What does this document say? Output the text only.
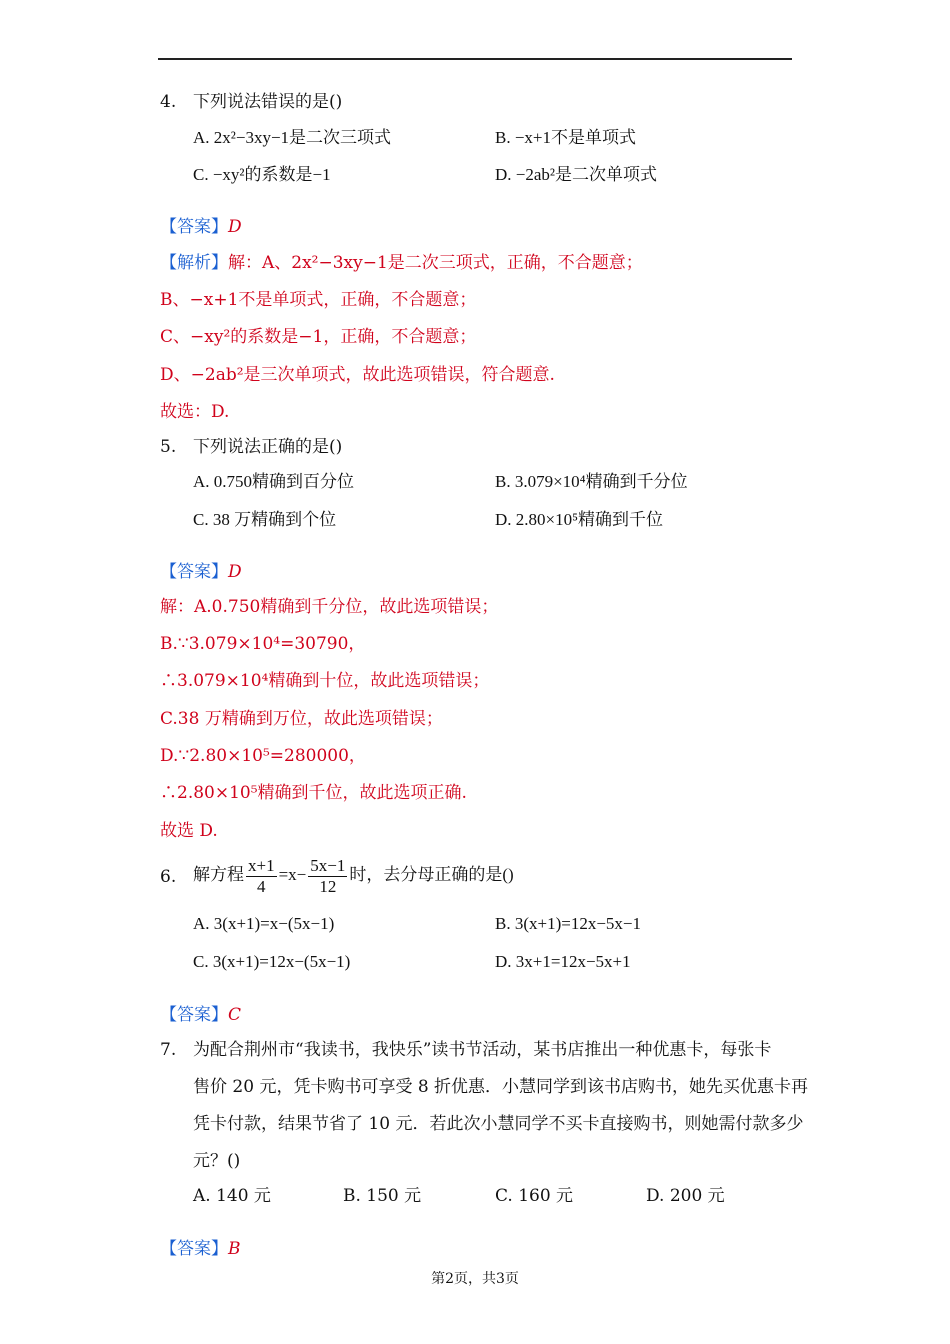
4. 下列说法错误的是()
A. 2x²−3xy−1是二次三项式	B. −x+1不是单项式
C. −xy²的系数是−1	D. −2ab²是二次单项式
【答案】D
【解析】解：A、2x²−3xy−1是二次三项式，正确，不合题意；
B、−x+1不是单项式，正确，不合题意；
C、−xy²的系数是−1，正确，不合题意；
D、−2ab²是三次单项式，故此选项错误，符合题意.
故选：D.
5. 下列说法正确的是()
A. 0.750精确到百分位	B. 3.079×10⁴精确到千分位
C. 38 万精确到个位	D. 2.80×10⁵精确到千位
【答案】D
解：A.0.750精确到千分位，故此选项错误；
B.∵3.079×10⁴=30790，
∴3.079×10⁴精确到十位，故此选项错误；
C.38 万精确到万位，故此选项错误；
D.∵2.80×10⁵=280000，
∴2.80×10⁵精确到千位，故此选项正确.
故选 D.
6. 解方程 $\frac{x+1}{4} =x- \frac{5x-1}{12}$ 时，去分母正确的是()
A. 3(x+1)=x−(5x−1)	B. 3(x+1)=12x−5x−1
C. 3(x+1)=12x−(5x−1)	D. 3x+1=12x−5x+1
【答案】C
7. 为配合荆州市“我读书，我快乐”读书节活动，某书店推出一种优惠卡，每张卡
售价 20 元，凭卡购书可享受 8 折优惠．小慧同学到该书店购书，她先买优惠卡再
凭卡付款，结果节省了 10 元．若此次小慧同学不买卡直接购书，则她需付款多少
元？()
A. 140 元	B. 150 元	C. 160 元	D. 200 元
【答案】B
第2页，共3页
